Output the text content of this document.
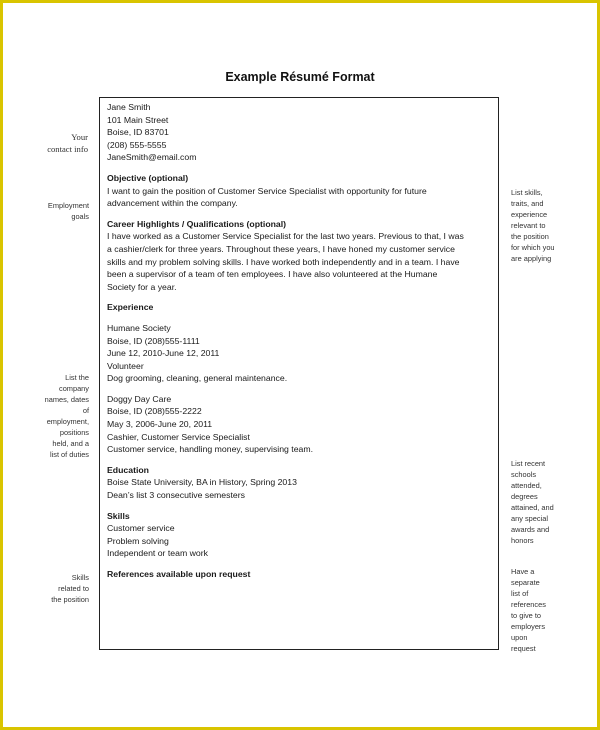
Example Résumé Format
Jane Smith
101 Main Street
Boise, ID 83701
(208) 555-5555
JaneSmith@email.com
Objective (optional)
I want to gain the position of Customer Service Specialist with opportunity for future
advancement within the company.
Career Highlights / Qualifications (optional)
I have worked as a Customer Service Specialist for the last two years. Previous to that, I was
a cashier/clerk for three years. Throughout these years, I have honed my customer service
skills and my problem solving skills. I have worked both independently and in a team. I have
been a supervisor of a team of ten employees. I have also volunteered at the Humane
Society for a year.
Experience
Humane Society
Boise, ID (208)555-1111
June 12, 2010-June 12, 2011
Volunteer
Dog grooming, cleaning, general maintenance.
Doggy Day Care
Boise, ID (208)555-2222
May 3, 2006-June 20, 2011
Cashier, Customer Service Specialist
Customer service, handling money, supervising team.
Education
Boise State University, BA in History, Spring 2013
Dean’s list 3 consecutive semesters
Skills
Customer service
Problem solving
Independent or team work
References available upon request
Your
contact info
Employment
goals
List the
company
names, dates
of
employment,
positions
held, and a
list of duties
Skills
related to
the position
List skills,
traits, and
experience
relevant to
the position
for which you
are applying
List recent
schools
attended,
degrees
attained, and
any special
awards and
honors
Have a
separate
list of
references
to give to
employers
upon
request
